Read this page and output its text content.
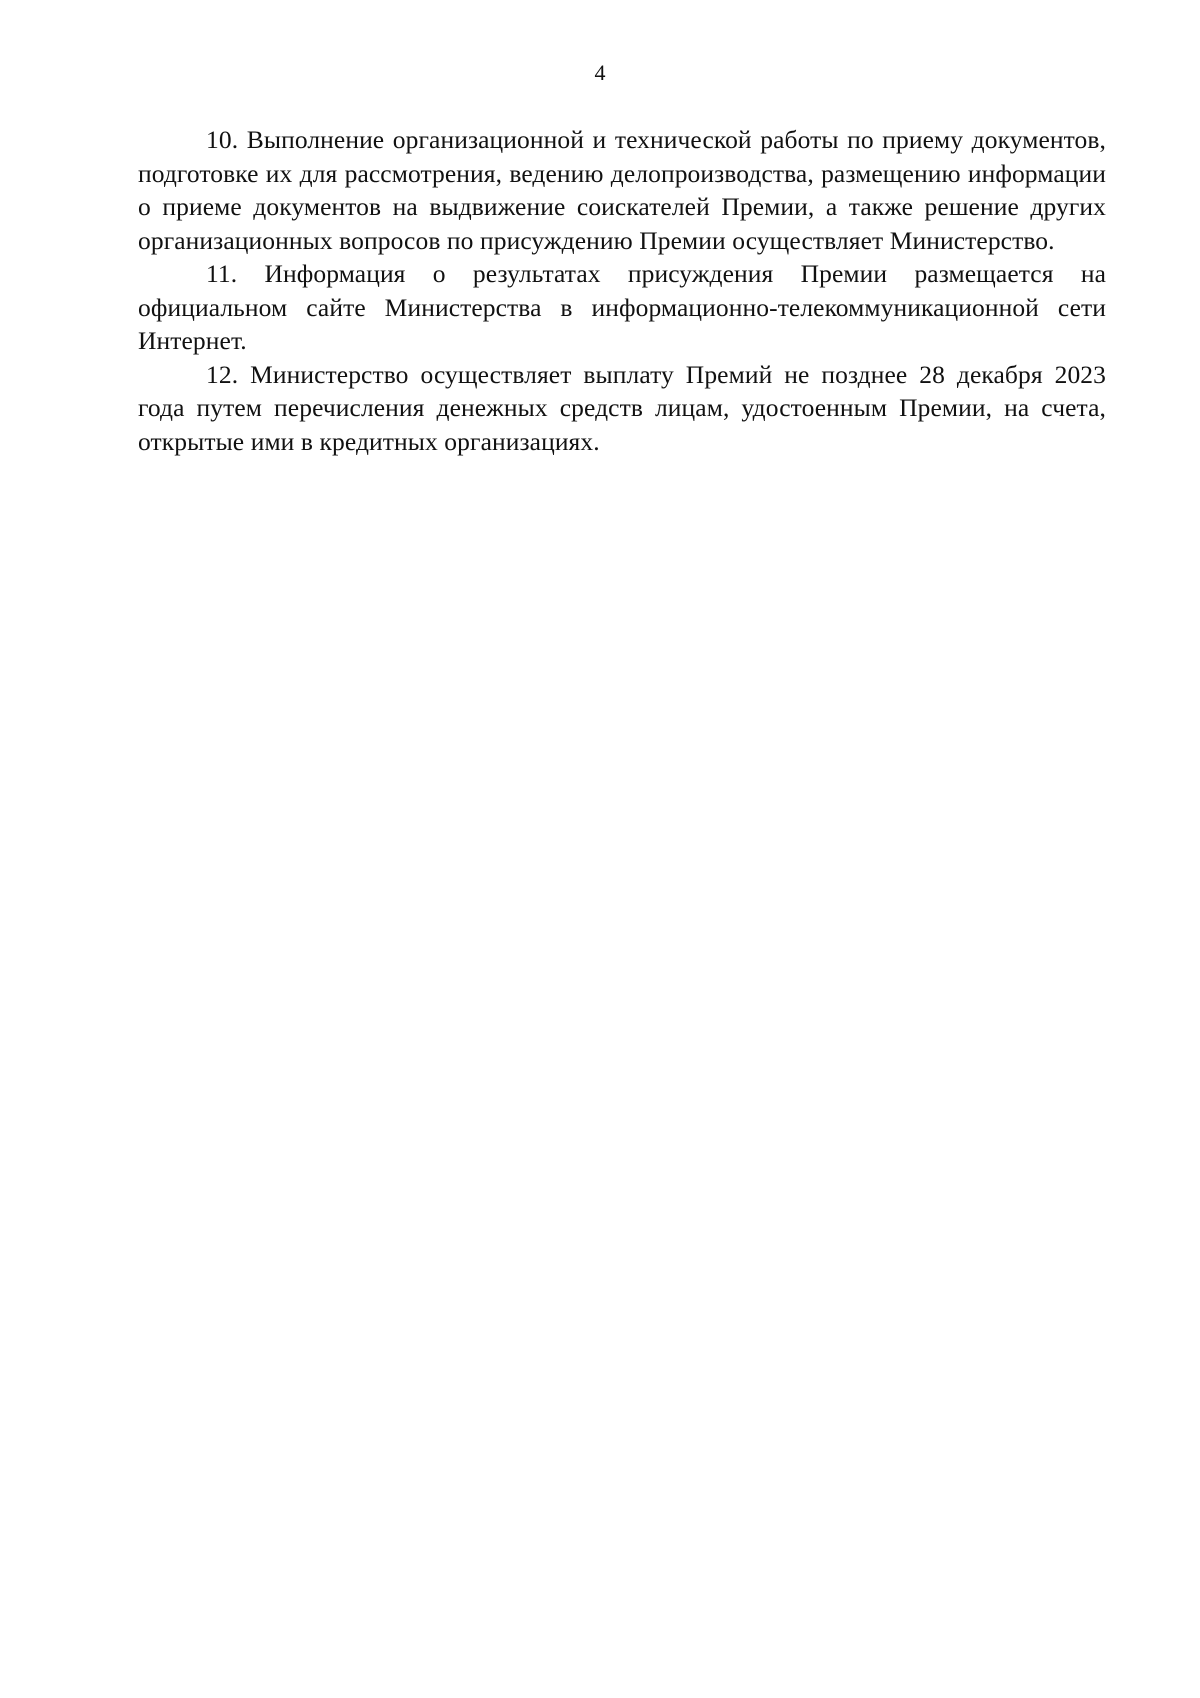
4

10. Выполнение организационной и технической работы по приему документов, подготовке их для рассмотрения, ведению делопроизводства, размещению информации о приеме документов на выдвижение соискателей Премии, а также решение других организационных вопросов по присуждению Премии осуществляет Министерство.

11. Информация о результатах присуждения Премии размещается на официальном сайте Министерства в информационно-телекоммуникационной сети Интернет.

12. Министерство осуществляет выплату Премий не позднее 28 декабря 2023 года путем перечисления денежных средств лицам, удостоенным Премии, на счета, открытые ими в кредитных организациях.
